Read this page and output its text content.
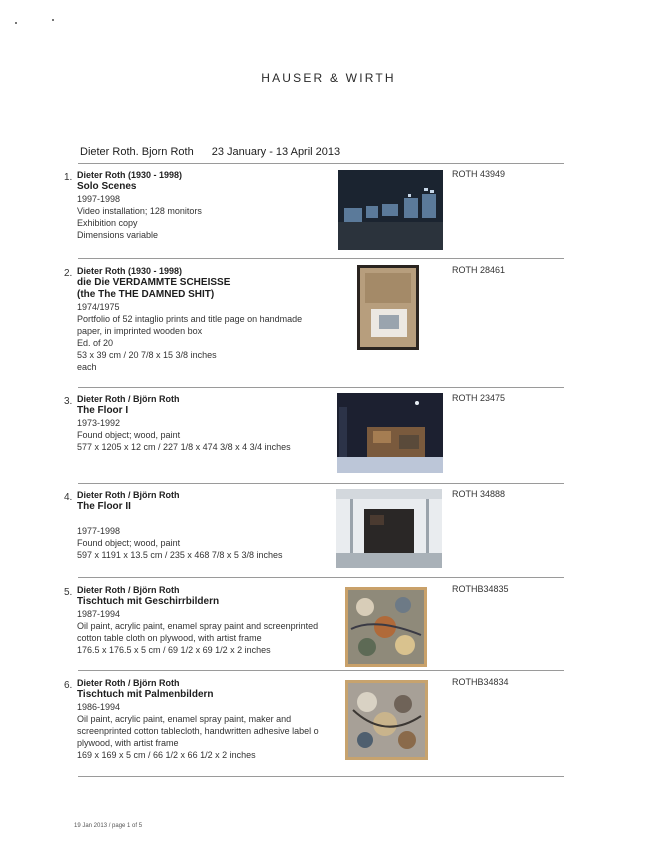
HAUSER & WIRTH
Dieter Roth. Bjorn Roth 23 January - 13 April 2013
1. Dieter Roth (1930 - 1998)
Solo Scenes
1997-1998
Video installation; 128 monitors
Exhibition copy
Dimensions variable
ROTH 43949
2. Dieter Roth (1930 - 1998)
die Die VERDAMMTE SCHEISSE
(the The THE DAMNED SHIT)
1974/1975
Portfolio of 52 intaglio prints and title page on handmade
paper, in imprinted wooden box
Ed. of 20
53 x 39 cm / 20 7/8 x 15 3/8 inches
each
ROTH 28461
3. Dieter Roth / Björn Roth
The Floor I
1973-1992
Found object; wood, paint
577 x 1205 x 12 cm / 227 1/8 x 474 3/8 x 4 3/4 inches
ROTH 23475
4. Dieter Roth / Björn Roth
The Floor II
1977-1998
Found object; wood, paint
597 x 1191 x 13.5 cm / 235 x 468 7/8 x 5 3/8 inches
ROTH 34888
5. Dieter Roth / Björn Roth
Tischtuch mit Geschirrbildern
1987-1994
Oil paint, acrylic paint, enamel spray paint and screenprinted
cotton table cloth on plywood, with artist frame
176.5 x 176.5 x 5 cm / 69 1/2 x 69 1/2 x 2 inches
ROTHB34835
6. Dieter Roth / Björn Roth
Tischtuch mit Palmenbildern
1986-1994
Oil paint, acrylic paint, enamel spray paint, maker and
screenprinted cotton tablecloth, handwritten adhesive label o
plywood, with artist frame
169 x 169 x 5 cm / 66 1/2 x 66 1/2 x 2 inches
ROTHB34834
19 Jan 2013 / page 1 of 5
